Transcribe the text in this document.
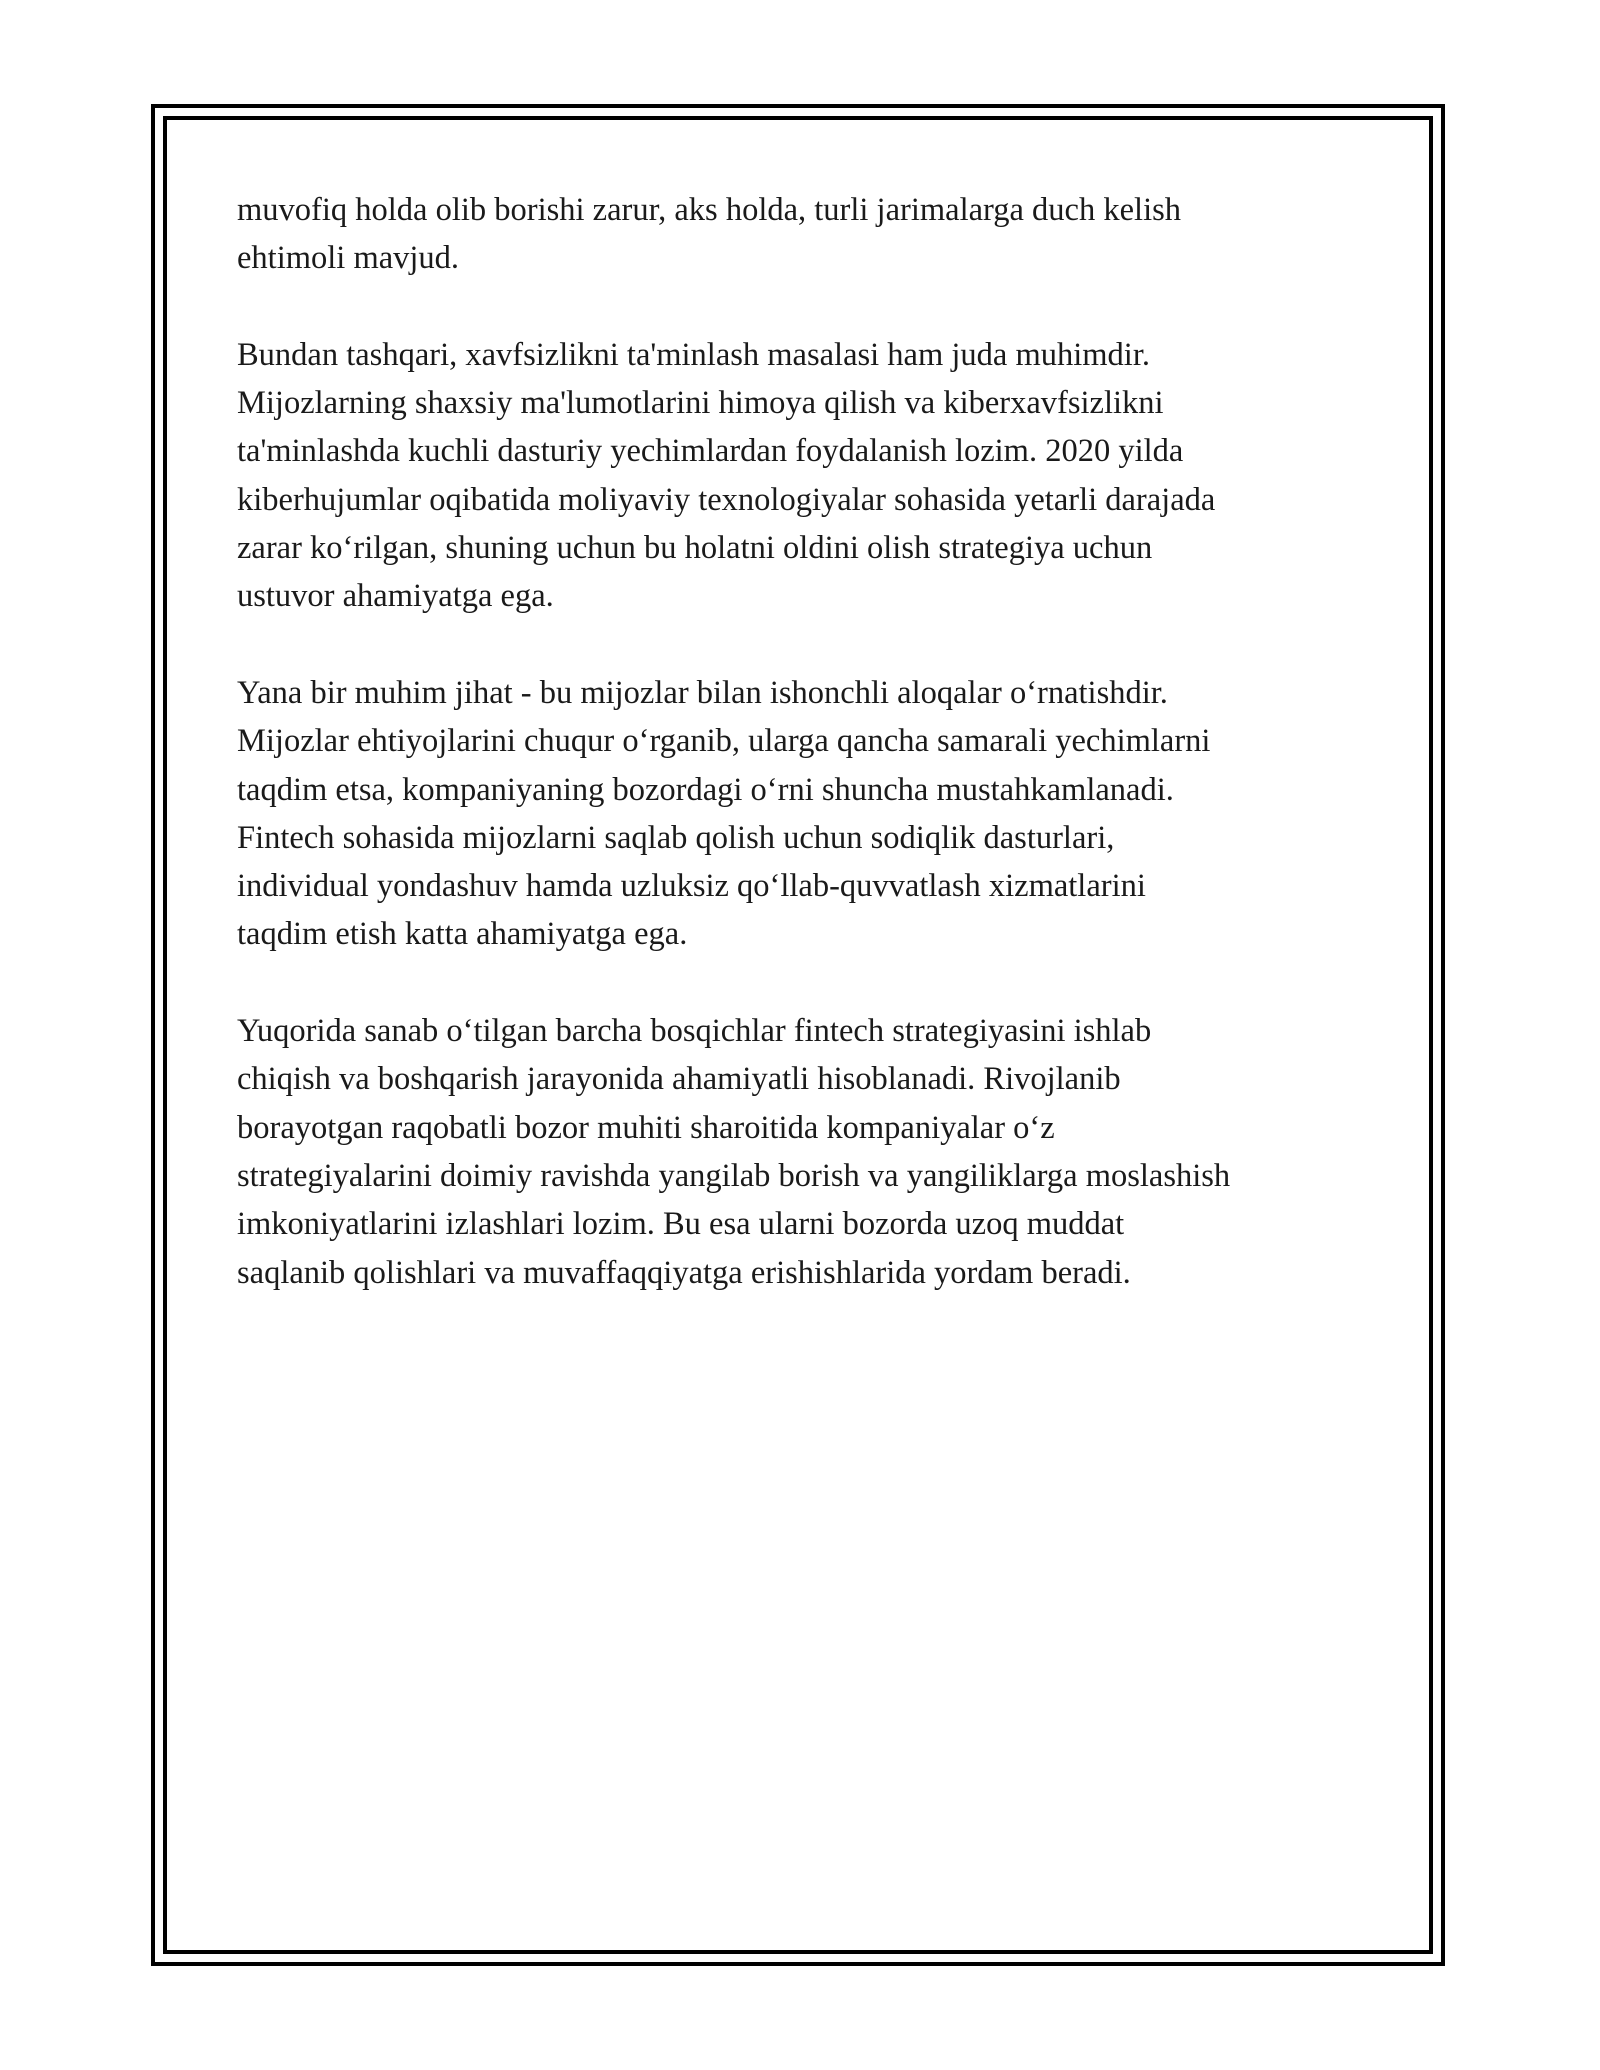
muvofiq holda olib borishi zarur, aks holda, turli jarimalarga duch kelish
ehtimoli mavjud.

Bundan tashqari, xavfsizlikni ta'minlash masalasi ham juda muhimdir.
Mijozlarning shaxsiy ma'lumotlarini himoya qilish va kiberxavfsizlikni
ta'minlashda kuchli dasturiy yechimlardan foydalanish lozim. 2020 yilda
kiberhujumlar oqibatida moliyaviy texnologiyalar sohasida yetarli darajada
zarar ko‘rilgan, shuning uchun bu holatni oldini olish strategiya uchun
ustuvor ahamiyatga ega.

Yana bir muhim jihat - bu mijozlar bilan ishonchli aloqalar o‘rnatishdir.
Mijozlar ehtiyojlarini chuqur o‘rganib, ularga qancha samarali yechimlarni
taqdim etsa, kompaniyaning bozordagi o‘rni shuncha mustahkamlanadi.
Fintech sohasida mijozlarni saqlab qolish uchun sodiqlik dasturlari,
individual yondashuv hamda uzluksiz qo‘llab-quvvatlash xizmatlarini
taqdim etish katta ahamiyatga ega.

Yuqorida sanab o‘tilgan barcha bosqichlar fintech strategiyasini ishlab
chiqish va boshqarish jarayonida ahamiyatli hisoblanadi. Rivojlanib
borayotgan raqobatli bozor muhiti sharoitida kompaniyalar o‘z
strategiyalarini doimiy ravishda yangilab borish va yangiliklarga moslashish
imkoniyatlarini izlashlari lozim. Bu esa ularni bozorda uzoq muddat
saqlanib qolishlari va muvaffaqqiyatga erishishlarida yordam beradi.
